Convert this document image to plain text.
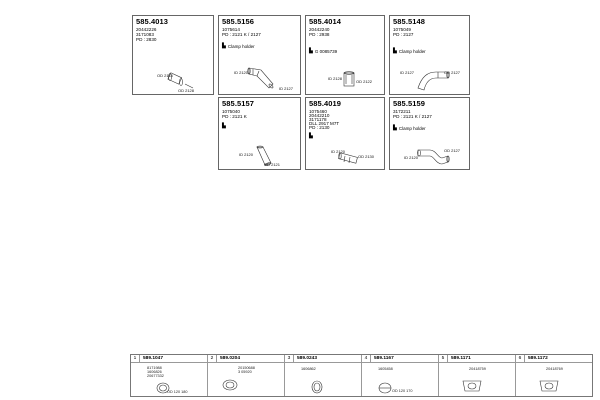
585.4013
20442226
3171083
PD : 2830
OD 2118
OD 2128
585.5156
1075614
PD : 2121 K / 2127
▙ Clamp holder
ID 2120
ID 2127
585.4014
20442240
PD : 2938
▙ G 0085739
ID 2128
OD 2122
585.5148
1075049
PD : 2127
▙ Clamp holder
ID 2127	OD 2127
585.5157
1075040
PD : 2121 K
▙
ID 2120
OD 2121
585.4019
1075460
20442210
3171178
DLL 2917 M7T
PD : 2130
▙
ID 2120
OD 2130
585.5159
3172211
PD : 2121 K / 2127
▙ Clamp holder
ID 2120
OD 2127
1	589.1047
8171988
1606826
20677332
OD 120 180
2	589.0204
20150688
3 05920
3	589.0243
1606862
4	589.1167
1605458
OD 120 170
5	589.1171
20418759
6	589.1172
20418769
